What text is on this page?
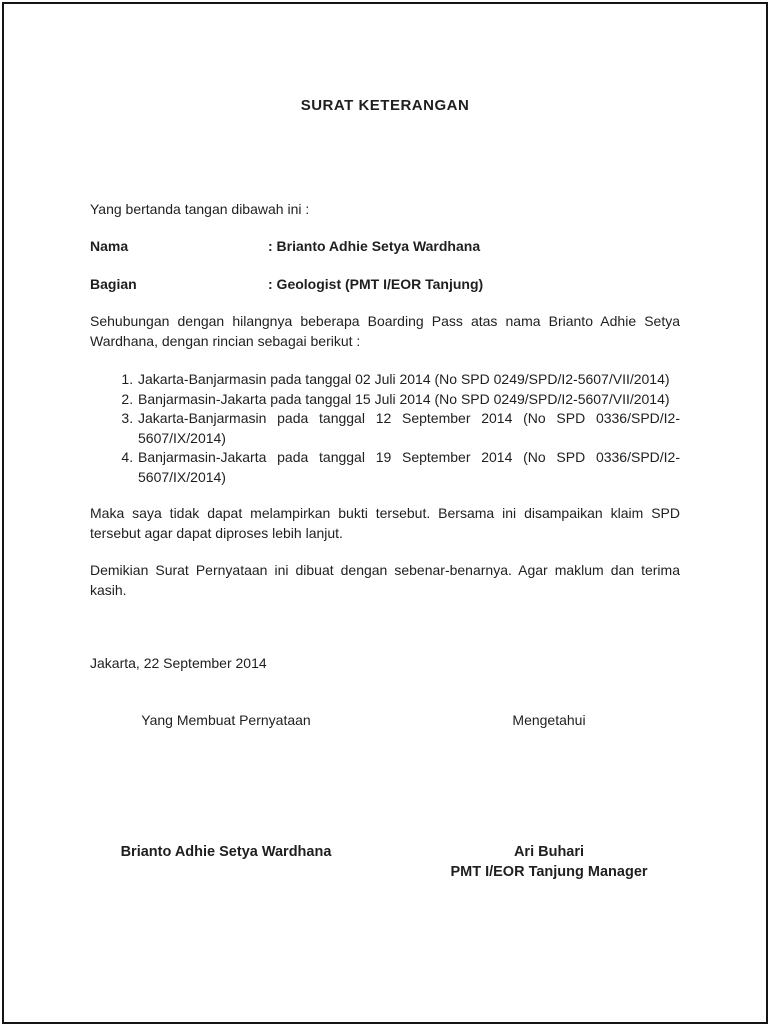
SURAT KETERANGAN
Yang bertanda tangan dibawah ini :
Nama	: Brianto Adhie Setya Wardhana
Bagian	: Geologist (PMT I/EOR Tanjung)
Sehubungan dengan hilangnya beberapa Boarding Pass atas nama Brianto Adhie Setya Wardhana, dengan rincian sebagai berikut :
1. Jakarta-Banjarmasin pada tanggal 02 Juli 2014 (No SPD 0249/SPD/I2-5607/VII/2014)
2. Banjarmasin-Jakarta pada tanggal 15 Juli 2014 (No SPD 0249/SPD/I2-5607/VII/2014)
3. Jakarta-Banjarmasin pada tanggal 12 September 2014 (No SPD 0336/SPD/I2-5607/IX/2014)
4. Banjarmasin-Jakarta pada tanggal 19 September 2014 (No SPD 0336/SPD/I2-5607/IX/2014)
Maka saya tidak dapat melampirkan bukti tersebut. Bersama ini disampaikan klaim SPD tersebut agar dapat diproses lebih lanjut.
Demikian Surat Pernyataan ini dibuat dengan sebenar-benarnya. Agar maklum dan terima kasih.
Jakarta, 22 September 2014
Yang Membuat Pernyataan
Brianto Adhie Setya Wardhana
Mengetahui
Ari Buhari
PMT I/EOR Tanjung Manager
